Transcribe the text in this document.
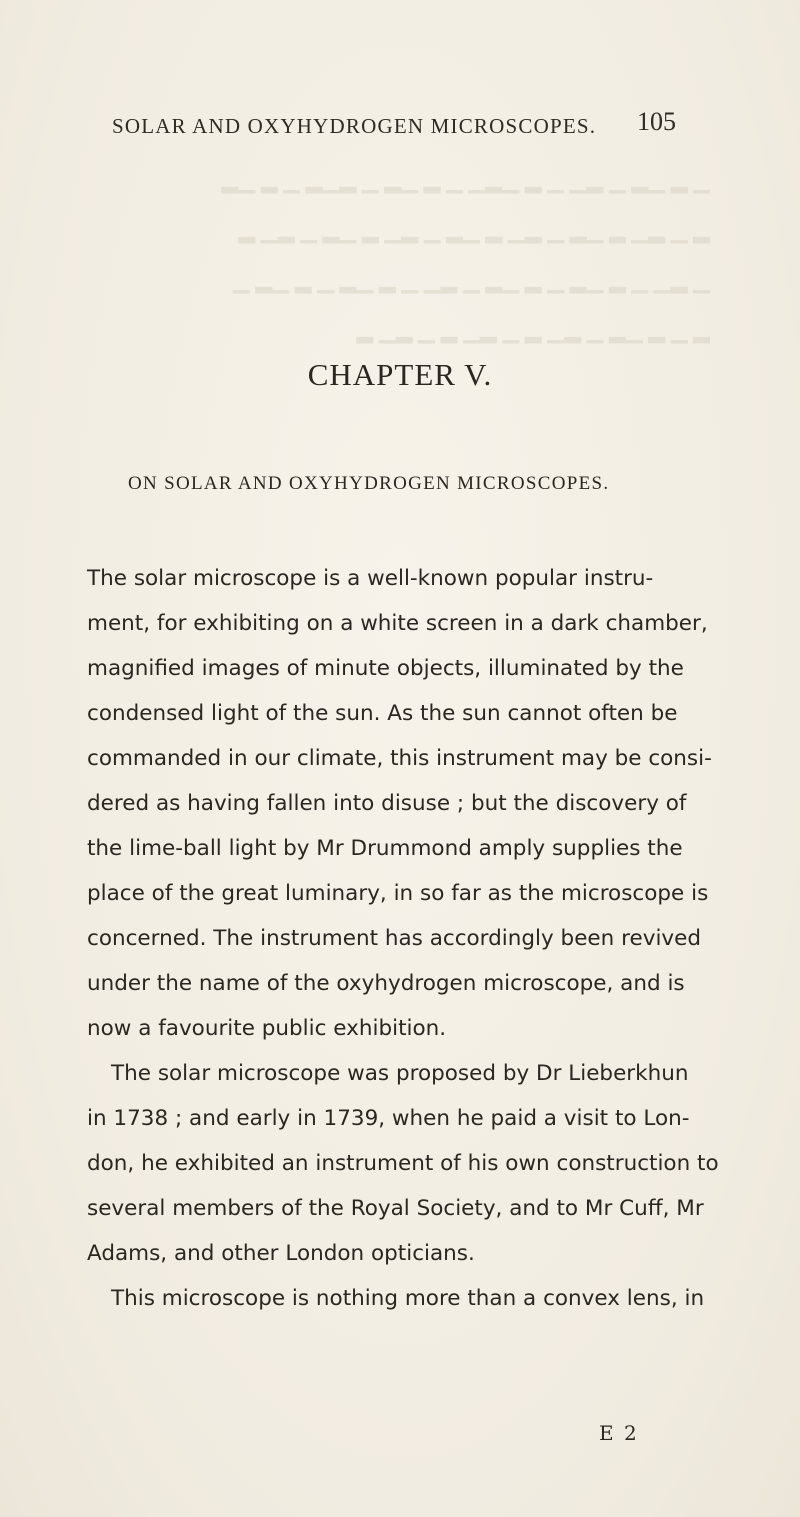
▁ ▂ ▁▂ ▁ ▂▁ ▁ ▂ ▁▂▁ ▁ ▂ ▁▂ ▁ ▂▁▂ ▁ ▂ ▁▂
▂ ▁ ▂▁ ▂ ▁▂ ▁ ▂▁ ▂ ▁▂ ▁ ▂▁ ▂ ▁▂ ▁ ▂▁ ▂
▁ ▂▁ ▁ ▂ ▁▂ ▁ ▂ ▁▂ ▁ ▂▁ ▁ ▂ ▁▂ ▁ ▂ ▁▂ ▁
▂ ▁ ▂ ▁▂ ▁ ▂▁ ▂ ▁ ▂▁ ▂ ▁ ▂▁ ▂
SOLAR AND OXYHYDROGEN MICROSCOPES. 105
CHAPTER V.
ON SOLAR AND OXYHYDROGEN MICROSCOPES.
The solar microscope is a well-known popular instru-
ment, for exhibiting on a white screen in a dark chamber,
magnified images of minute objects, illuminated by the
condensed light of the sun. As the sun cannot often be
commanded in our climate, this instrument may be consi-
dered as having fallen into disuse ; but the discovery of
the lime-ball light by Mr Drummond amply supplies the
place of the great luminary, in so far as the microscope is
concerned. The instrument has accordingly been revived
under the name of the oxyhydrogen microscope, and is
now a favourite public exhibition.
The solar microscope was proposed by Dr Lieberkhun
in 1738 ; and early in 1739, when he paid a visit to Lon-
don, he exhibited an instrument of his own construction to
several members of the Royal Society, and to Mr Cuff, Mr
Adams, and other London opticians.
This microscope is nothing more than a convex lens, in
E 2
